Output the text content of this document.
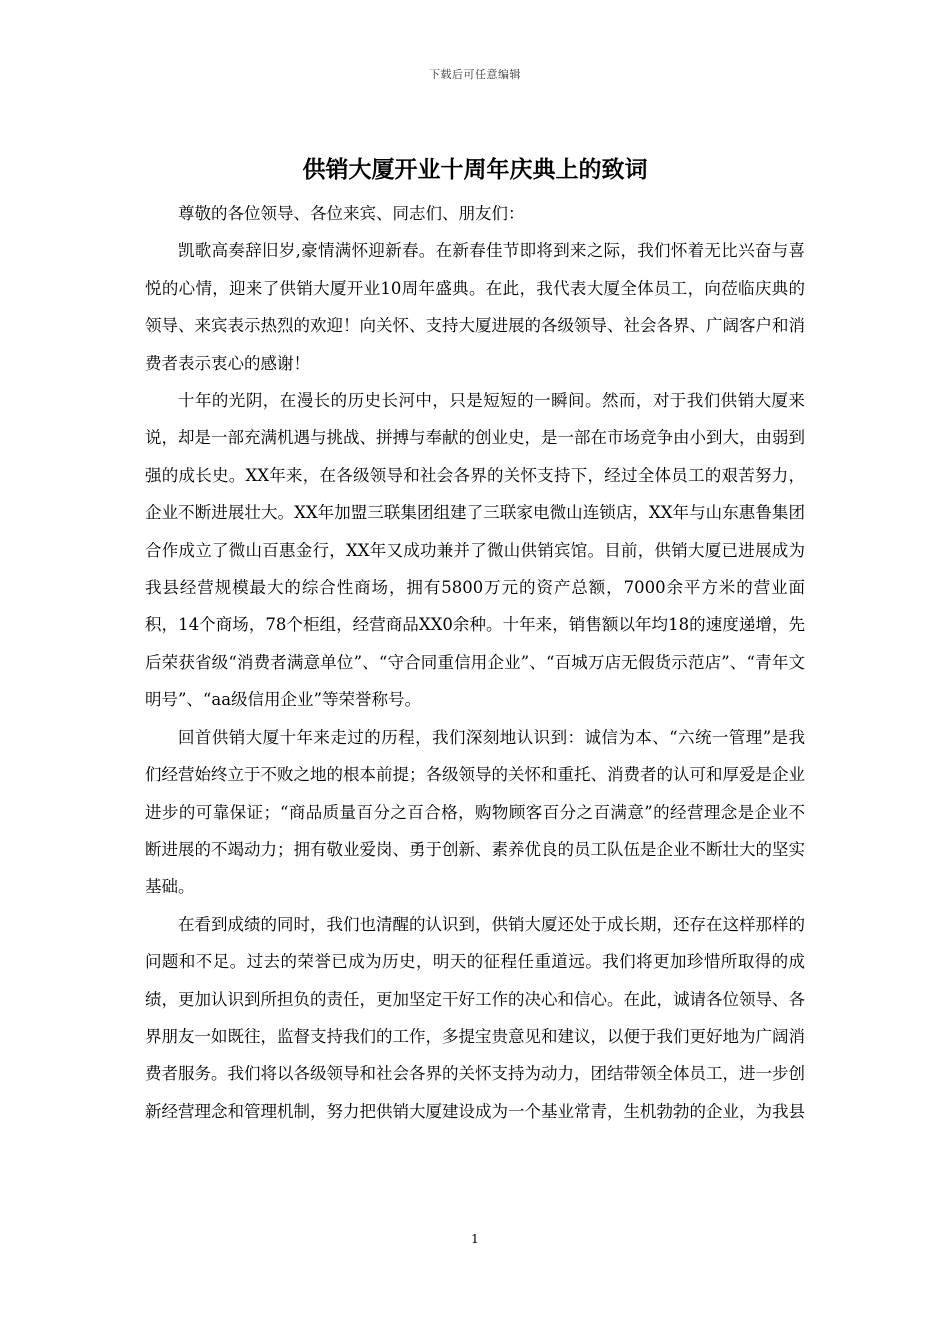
下载后可任意编辑
供销大厦开业十周年庆典上的致词

尊敬的各位领导、各位来宾、同志们、朋友们：

凯歌高奏辞旧岁,豪情满怀迎新春。在新春佳节即将到来之际，我们怀着无比兴奋与喜悦的心情，迎来了供销大厦开业10周年盛典。在此，我代表大厦全体员工，向莅临庆典的领导、来宾表示热烈的欢迎！向关怀、支持大厦进展的各级领导、社会各界、广阔客户和消费者表示衷心的感谢！

十年的光阴，在漫长的历史长河中，只是短短的一瞬间。然而，对于我们供销大厦来说，却是一部充满机遇与挑战、拼搏与奉献的创业史，是一部在市场竞争由小到大，由弱到强的成长史。XX年来，在各级领导和社会各界的关怀支持下，经过全体员工的艰苦努力，企业不断进展壮大。XX年加盟三联集团组建了三联家电微山连锁店，XX年与山东惠鲁集团合作成立了微山百惠金行，XX年又成功兼并了微山供销宾馆。目前，供销大厦已进展成为我县经营规模最大的综合性商场，拥有5800万元的资产总额，7000余平方米的营业面积，14个商场，78个柜组，经营商品XX0余种。十年来，销售额以年均18的速度递增，先后荣获省级“消费者满意单位”、“守合同重信用企业”、“百城万店无假货示范店”、“青年文明号”、“aa级信用企业”等荣誉称号。

回首供销大厦十年来走过的历程，我们深刻地认识到：诚信为本、“六统一管理”是我们经营始终立于不败之地的根本前提；各级领导的关怀和重托、消费者的认可和厚爱是企业进步的可靠保证；“商品质量百分之百合格，购物顾客百分之百满意”的经营理念是企业不断进展的不竭动力；拥有敬业爱岗、勇于创新、素养优良的员工队伍是企业不断壮大的坚实基础。

在看到成绩的同时，我们也清醒的认识到，供销大厦还处于成长期，还存在这样那样的问题和不足。过去的荣誉已成为历史，明天的征程任重道远。我们将更加珍惜所取得的成绩，更加认识到所担负的责任，更加坚定干好工作的决心和信心。在此，诚请各位领导、各界朋友一如既往，监督支持我们的工作，多提宝贵意见和建议，以便于我们更好地为广阔消费者服务。我们将以各级领导和社会各界的关怀支持为动力，团结带领全体员工，进一步创新经营理念和管理机制，努力把供销大厦建设成为一个基业常青，生机勃勃的企业，为我县

1
